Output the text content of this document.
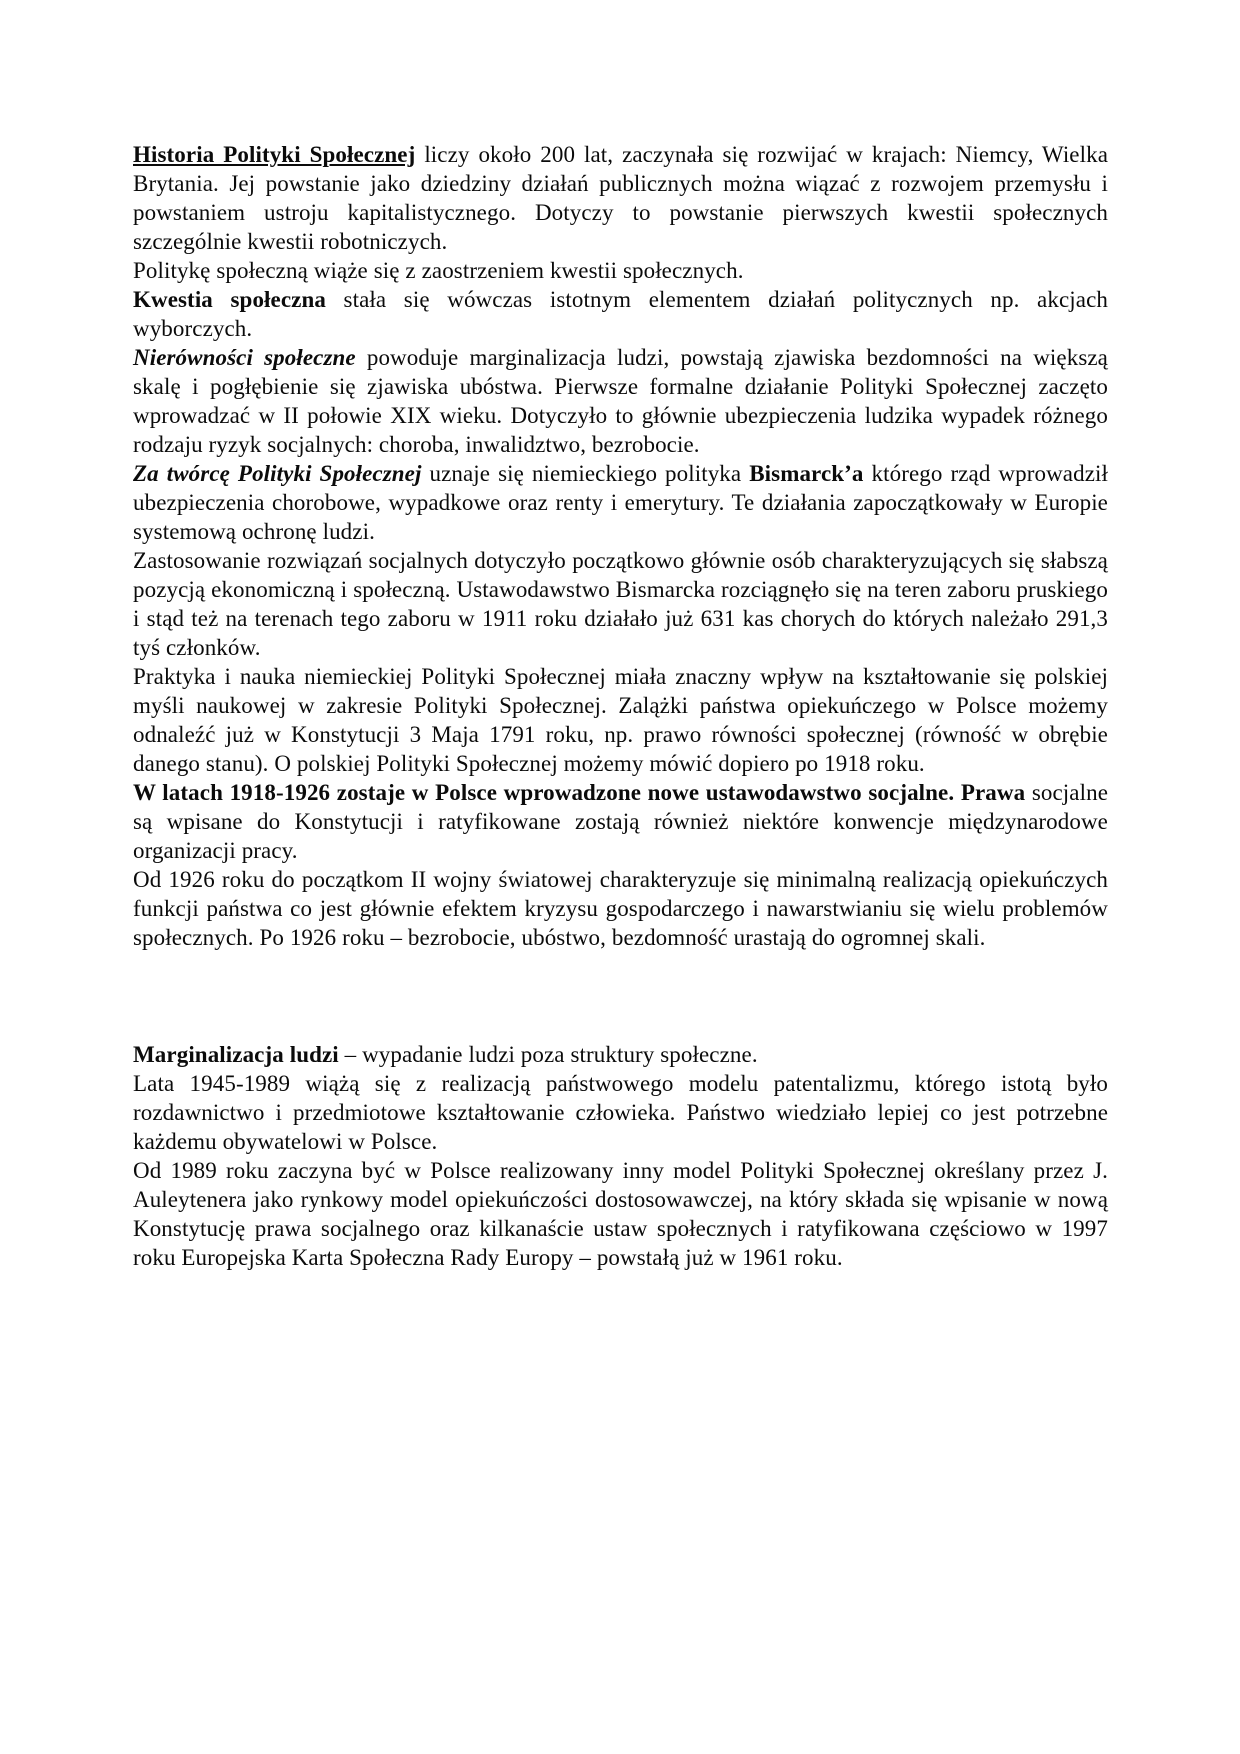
Historia Polityki Społecznej liczy około 200 lat, zaczynała się rozwijać w krajach: Niemcy, Wielka Brytania. Jej powstanie jako dziedziny działań publicznych można wiązać z rozwojem przemysłu i powstaniem ustroju kapitalistycznego. Dotyczy to powstanie pierwszych kwestii społecznych szczególnie kwestii robotniczych.

Politykę społeczną wiąże się z zaostrzeniem kwestii społecznych.

Kwestia społeczna stała się wówczas istotnym elementem działań politycznych np. akcjach wyborczych.

Nierówności społeczne powoduje marginalizacja ludzi, powstają zjawiska bezdomności na większą skalę i pogłębienie się zjawiska ubóstwa. Pierwsze formalne działanie Polityki Społecznej zaczęto wprowadzać w II połowie XIX wieku. Dotyczyło to głównie ubezpieczenia ludzika wypadek różnego rodzaju ryzyk socjalnych: choroba, inwalidztwo, bezrobocie.

Za twórcę Polityki Społecznej uznaje się niemieckiego polityka Bismarck’a którego rząd wprowadził ubezpieczenia chorobowe, wypadkowe oraz renty i emerytury. Te działania zapoczątkowały w Europie systemową ochronę ludzi.

Zastosowanie rozwiązań socjalnych dotyczyło początkowo głównie osób charakteryzujących się słabszą pozycją ekonomiczną i społeczną. Ustawodawstwo Bismarcka rozciągnęło się na teren zaboru pruskiego i stąd też na terenach tego zaboru w 1911 roku działało już 631 kas chorych do których należało 291,3 tyś członków.

Praktyka i nauka niemieckiej Polityki Społecznej miała znaczny wpływ na kształtowanie się polskiej myśli naukowej w zakresie Polityki Społecznej. Zalążki państwa opiekuńczego w Polsce możemy odnaleźć już w Konstytucji 3 Maja 1791 roku, np. prawo równości społecznej (równość w obrębie danego stanu). O polskiej Polityki Społecznej możemy mówić dopiero po 1918 roku.

W latach 1918-1926 zostaje w Polsce wprowadzone nowe ustawodawstwo socjalne. Prawa socjalne są wpisane do Konstytucji i ratyfikowane zostają również niektóre konwencje międzynarodowe organizacji pracy.

Od 1926 roku do początkom II wojny światowej charakteryzuje się minimalną realizacją opiekuńczych funkcji państwa co jest głównie efektem kryzysu gospodarczego i nawarstwianiu się wielu problemów społecznych. Po 1926 roku – bezrobocie, ubóstwo, bezdomność urastają do ogromnej skali.

Marginalizacja ludzi – wypadanie ludzi poza struktury społeczne.

Lata 1945-1989 wiążą się z realizacją państwowego modelu patentalizmu, którego istotą było rozdawnictwo i przedmiotowe kształtowanie człowieka. Państwo wiedziało lepiej co jest potrzebne każdemu obywatelowi w Polsce.

Od 1989 roku zaczyna być w Polsce realizowany inny model Polityki Społecznej określany przez J. Auleytenera jako rynkowy model opiekuńczości dostosowawczej, na który składa się wpisanie w nową Konstytucję prawa socjalnego oraz kilkanaście ustaw społecznych i ratyfikowana częściowo w 1997 roku Europejska Karta Społeczna Rady Europy – powstałą już w 1961 roku.
